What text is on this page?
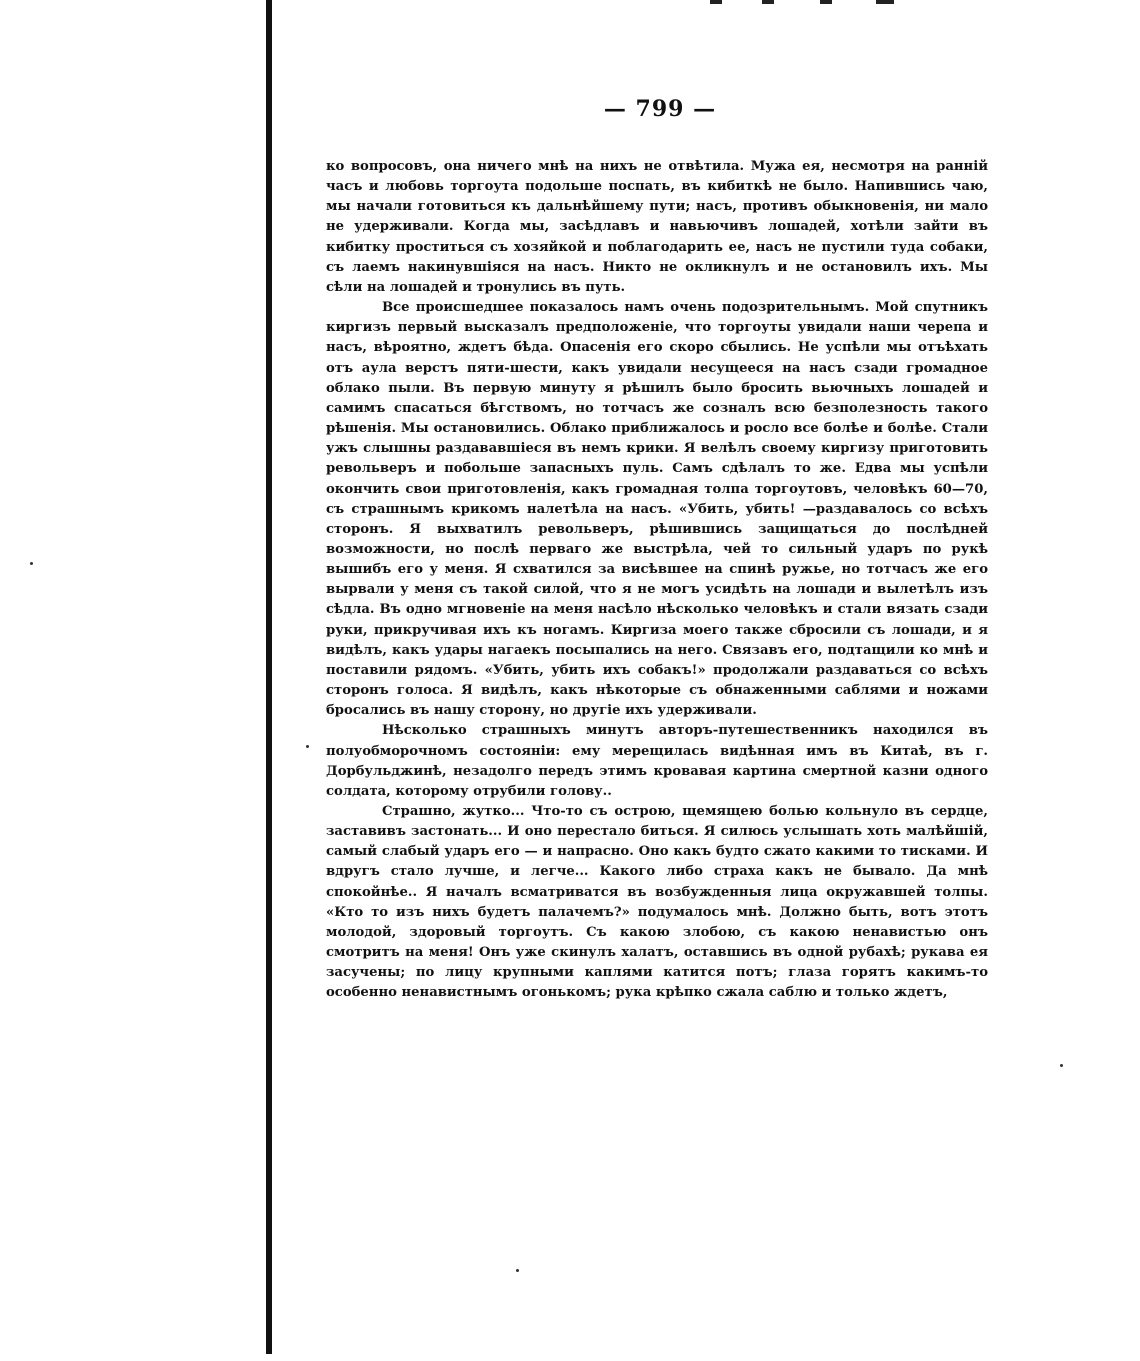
— 799 —

ко вопросовъ, она ничего мнѣ на нихъ не отвѣтила. Мужа ея, несмотря на раннiй часъ и любовь торгоута подольше поспать, въ кибиткѣ не было. Напившись чаю, мы начали готовиться къ дальнѣйшему пути; насъ, противъ обыкновенiя, ни мало не удерживали. Когда мы, заcѣдлавъ и навьючивъ лошадей, хотѣли зайти въ кибитку проститься съ хозяйкой и поблагодарить ее, насъ не пустили туда собаки, съ лаемъ накинувшiяся на насъ. Никто не окликнулъ и не остановилъ ихъ. Мы сѣли на лошадей и тронулись въ путь.

Все происшедшее показалось намъ очень подозрительнымъ. Мой спутникъ киргизъ первый высказалъ предположенiе, что торгоуты увидали наши черепа и насъ, вѣроятно, ждетъ бѣда. Опасенiя его скоро сбылись. Не успѣли мы отъѣхать отъ аула верстъ пяти-шести, какъ увидали несущееся на насъ сзади громадное облако пыли. Въ первую минуту я рѣшилъ было бросить вьючныхъ лошадей и самимъ спасаться бѣгствомъ, но тотчасъ же созналъ всю безполезность такого рѣшенiя. Мы остановились. Облако приближалось и росло все болѣе и болѣе. Стали ужъ слышны раздававшiеся въ немъ крики. Я велѣлъ своему киргизу приготовить револьверъ и побольше запасныхъ пуль. Самъ сдѣлалъ то же. Едва мы успѣли окончить свои приготовленiя, какъ громадная толпа торгоутовъ, человѣкъ 60—70, съ страшнымъ крикомъ налетѣла на насъ. «Убить, убить! —раздавалось со всѣхъ сторонъ. Я выхватилъ револьверъ, рѣшившись защищаться до послѣдней возможности, но послѣ перваго же выстрѣла, чей то сильный ударъ по рукѣ вышибъ его у меня. Я схватился за висѣвшее на спинѣ ружье, но тотчасъ же его вырвали у меня съ такой силой, что я не могъ усидѣть на лошади и вылетѣлъ изъ сѣдла. Въ одно мгновенiе на меня насѣло нѣсколько человѣкъ и стали вязать сзади руки, прикручивая ихъ къ ногамъ. Киргиза моего также сбросили съ лошади, и я видѣлъ, какъ удары нагаекъ посыпались на него. Связавъ его, подтащили ко мнѣ и поставили рядомъ. «Убить, убить ихъ собакъ!» продолжали раздаваться со всѣхъ сторонъ голоса. Я видѣлъ, какъ нѣкоторые съ обнаженными саблями и ножами бросались въ нашу сторону, но другiе ихъ удерживали.

Нѣсколько страшныхъ минутъ авторъ-путешественникъ находился въ полуобморочномъ состоянiи: ему мерещилась видѣнная имъ въ Китаѣ, въ г. Дорбульджинѣ, незадолго передъ этимъ кровавая картина смертной казни одного солдата, которому отрубили голову..

Страшно, жутко... Что-то съ острою, щемящею болью кольнуло въ сердце, заставивъ застонать... И оно перестало биться. Я силюсь услышать хоть малѣйшiй, самый слабый ударъ его — и напрасно. Оно какъ будто сжато какими то тисками. И вдругъ стало лучше, и легче... Какого либо страха какъ не бывало. Да мнѣ спокойнѣе.. Я началъ всматриватся въ возбужденныя лица окружавшей толпы. «Кто то изъ нихъ будетъ палачемъ?» подумалось мнѣ. Должно быть, вотъ этотъ молодой, здоровый торгоутъ. Съ какою злобою, съ какою ненавистью онъ смотритъ на меня! Онъ уже скинулъ халатъ, оставшись въ одной рубахѣ; рукава ея засучены; по лицу крупными каплями катится потъ; глаза горятъ какимъ-то особенно ненавистнымъ огонькомъ; рука крѣпко сжала саблю и только ждетъ,
